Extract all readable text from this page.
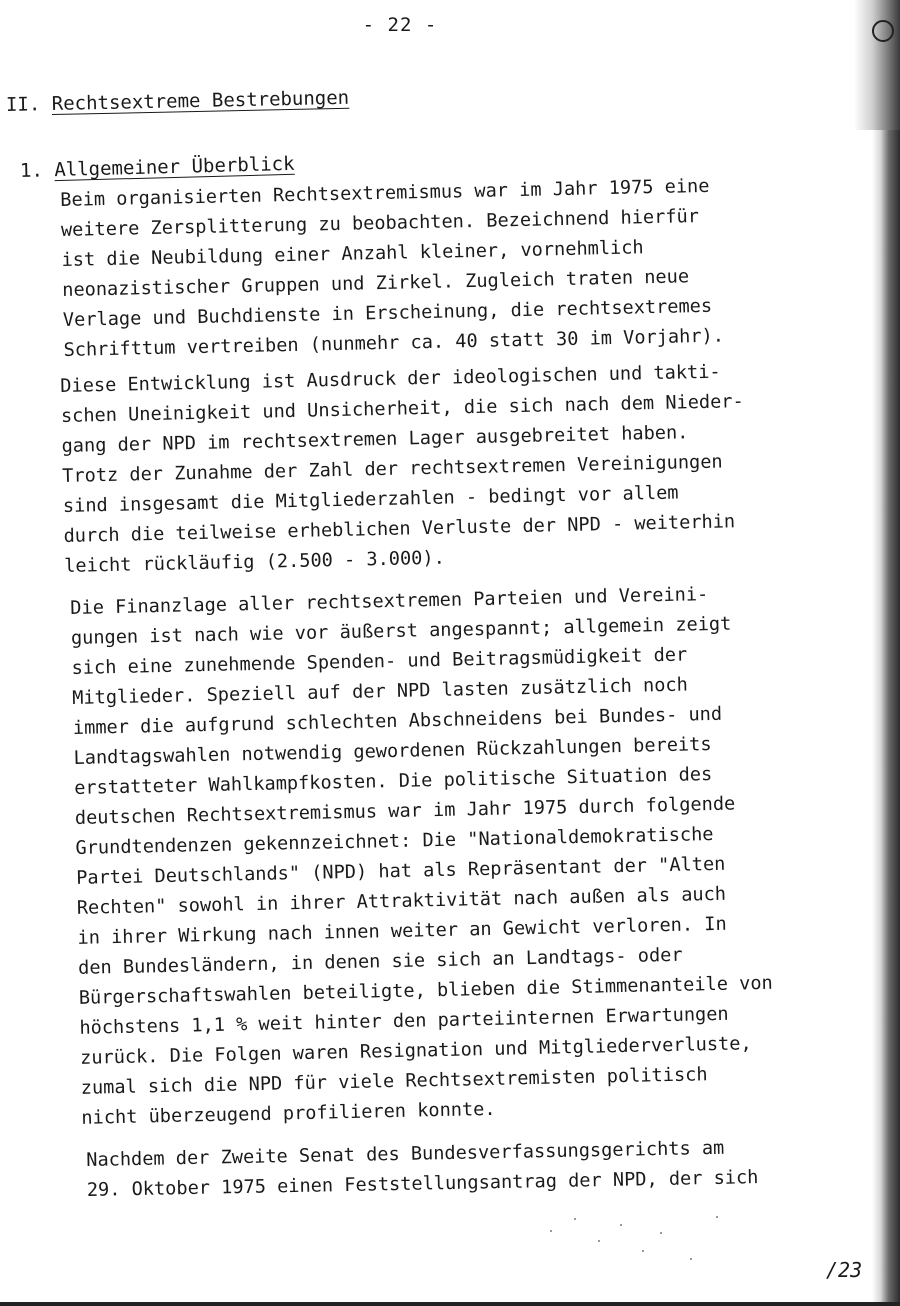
- 22 -
II. Rechtsextreme Bestrebungen
1. Allgemeiner Überblick
Beim organisierten Rechtsextremismus war im Jahr 1975 eine
weitere Zersplitterung zu beobachten. Bezeichnend hierfür
ist die Neubildung einer Anzahl kleiner, vornehmlich
neonazistischer Gruppen und Zirkel. Zugleich traten neue
Verlage und Buchdienste in Erscheinung, die rechtsextremes
Schrifttum vertreiben (nunmehr ca. 40 statt 30 im Vorjahr).
Diese Entwicklung ist Ausdruck der ideologischen und takti-
schen Uneinigkeit und Unsicherheit, die sich nach dem Nieder-
gang der NPD im rechtsextremen Lager ausgebreitet haben.
Trotz der Zunahme der Zahl der rechtsextremen Vereinigungen
sind insgesamt die Mitgliederzahlen - bedingt vor allem
durch die teilweise erheblichen Verluste der NPD - weiterhin
leicht rückläufig (2.500 - 3.000).
Die Finanzlage aller rechtsextremen Parteien und Vereini-
gungen ist nach wie vor äußerst angespannt; allgemein zeigt
sich eine zunehmende Spenden- und Beitragsmüdigkeit der
Mitglieder. Speziell auf der NPD lasten zusätzlich noch
immer die aufgrund schlechten Abschneidens bei Bundes- und
Landtagswahlen notwendig gewordenen Rückzahlungen bereits
erstatteter Wahlkampfkosten. Die politische Situation des
deutschen Rechtsextremismus war im Jahr 1975 durch folgende
Grundtendenzen gekennzeichnet: Die "Nationaldemokratische
Partei Deutschlands" (NPD) hat als Repräsentant der "Alten
Rechten" sowohl in ihrer Attraktivität nach außen als auch
in ihrer Wirkung nach innen weiter an Gewicht verloren. In
den Bundesländern, in denen sie sich an Landtags- oder
Bürgerschaftswahlen beteiligte, blieben die Stimmenanteile von
höchstens 1,1 % weit hinter den parteiinternen Erwartungen
zurück. Die Folgen waren Resignation und Mitgliederverluste,
zumal sich die NPD für viele Rechtsextremisten politisch
nicht überzeugend profilieren konnte.
Nachdem der Zweite Senat des Bundesverfassungsgerichts am
29. Oktober 1975 einen Feststellungsantrag der NPD, der sich
/23
